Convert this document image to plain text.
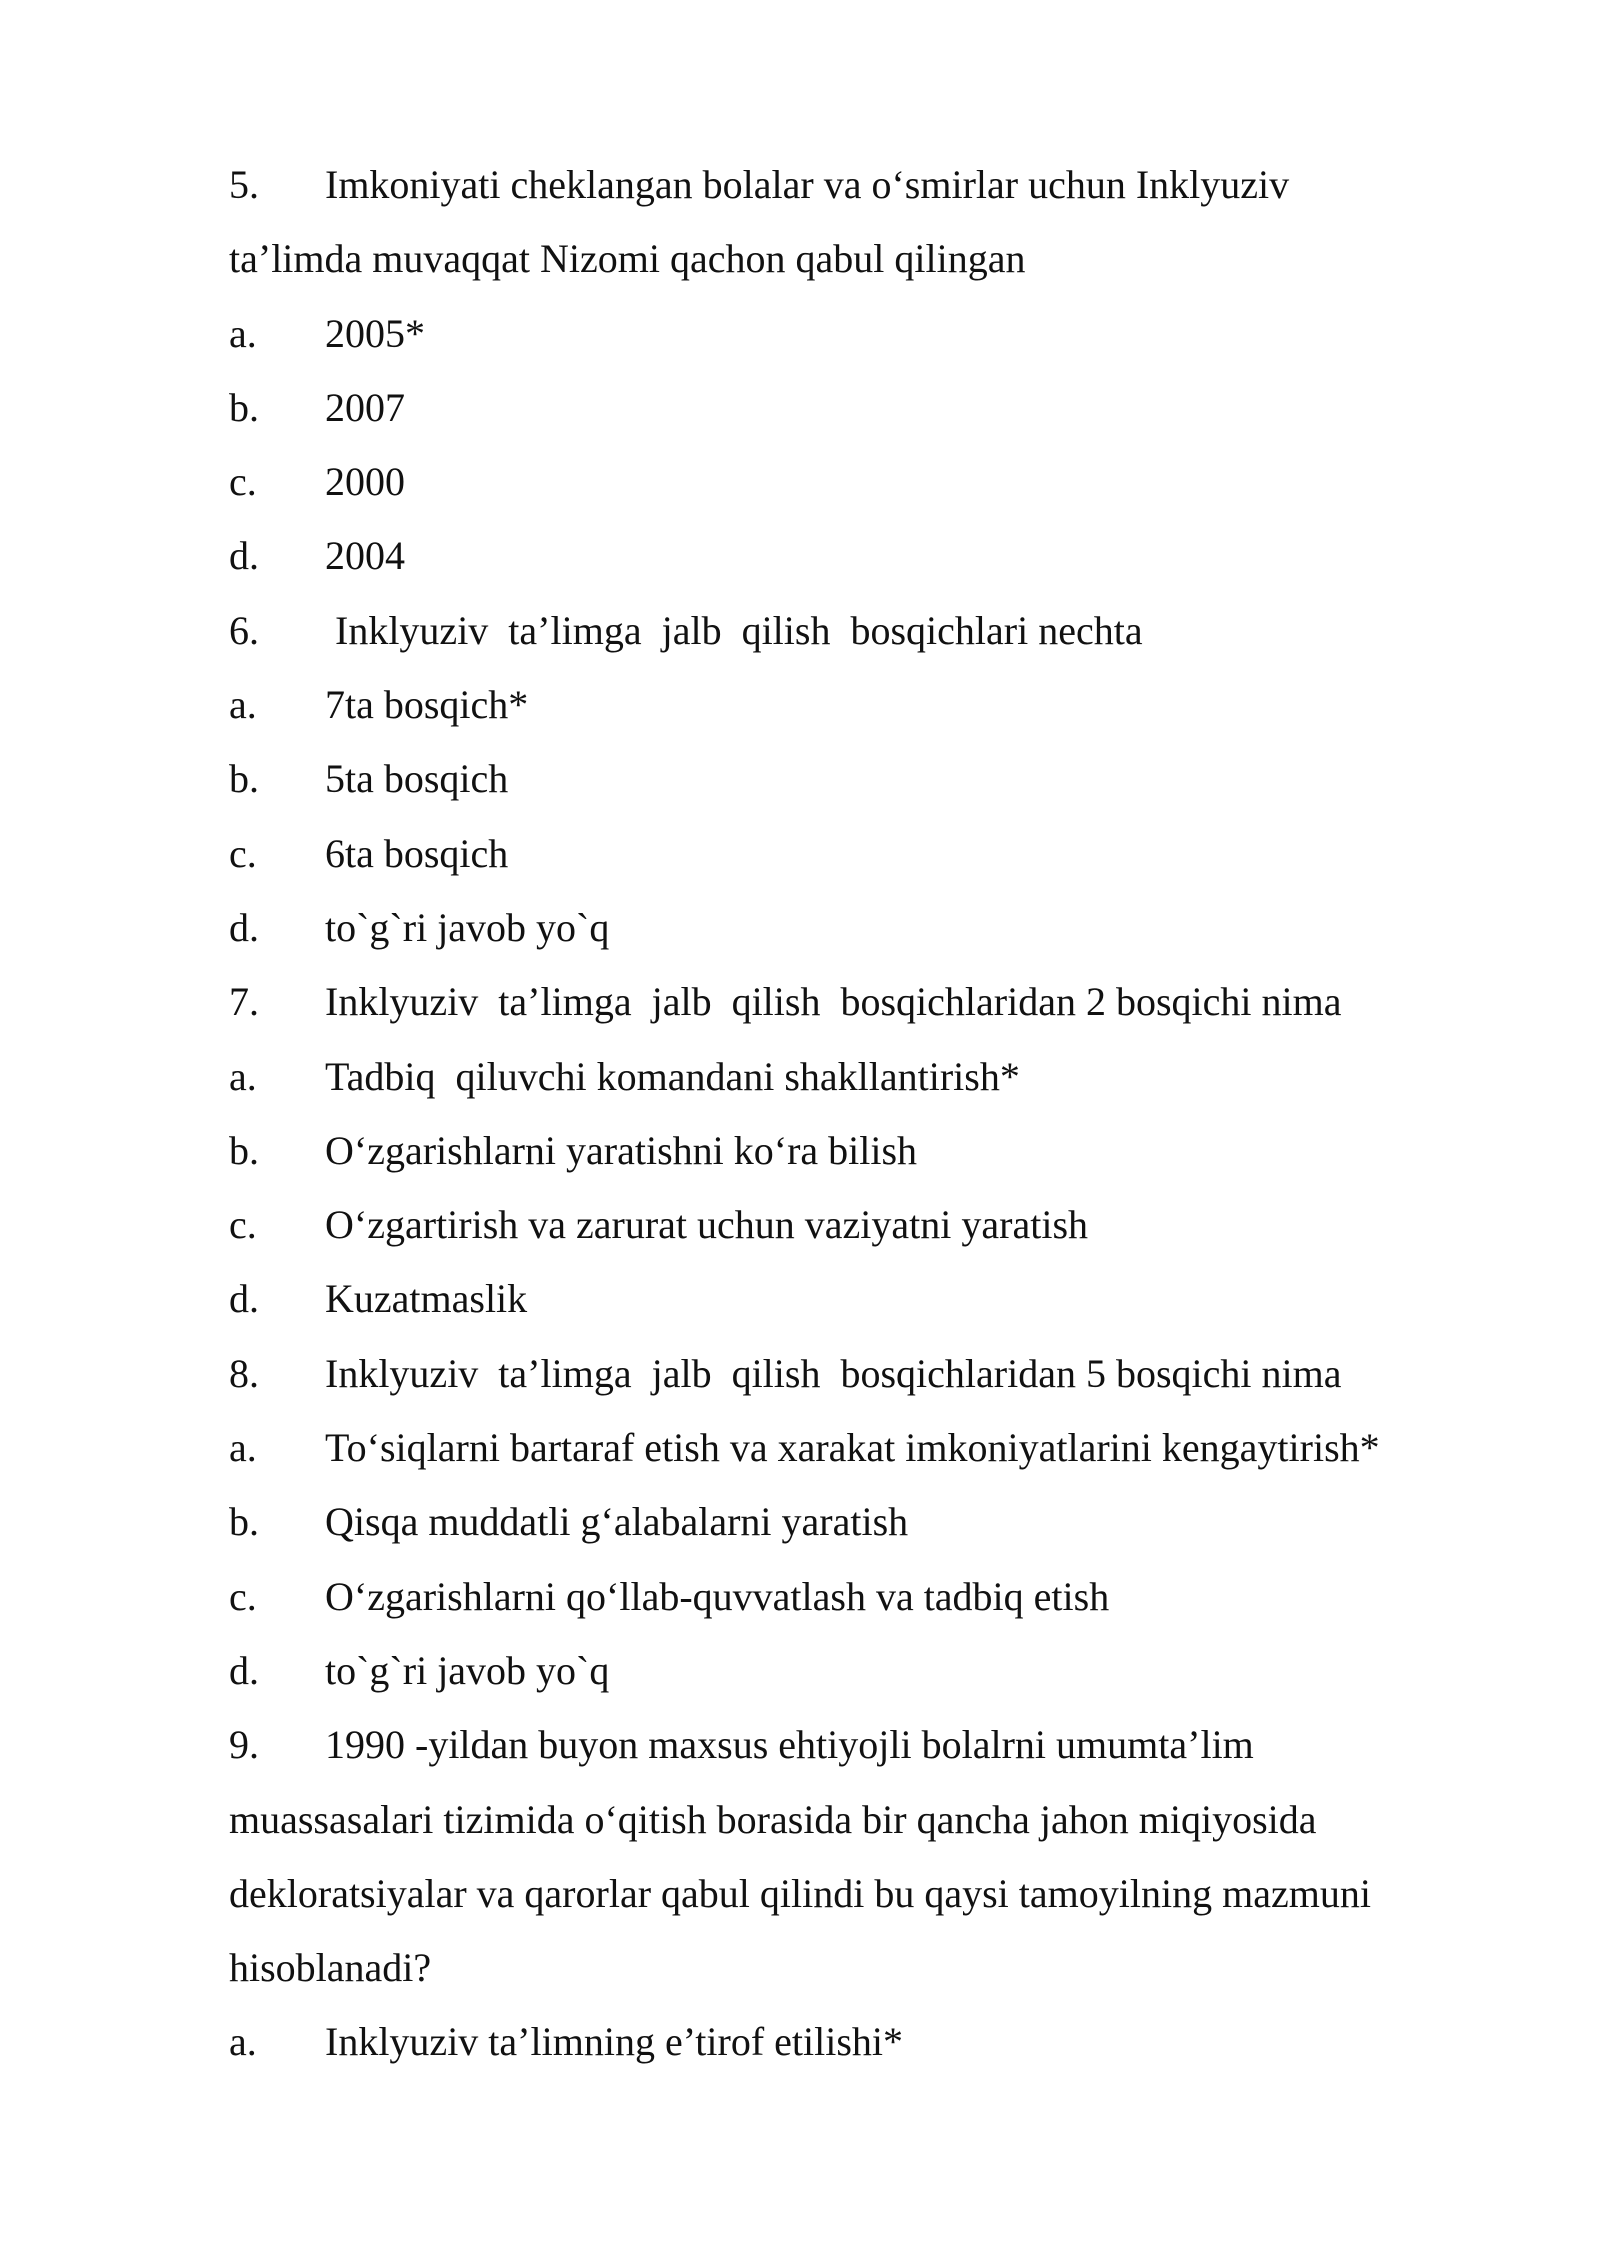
5.	Imkoniyati cheklangan bolalar va o‘smirlar uchun Inklyuziv
ta’limda muvaqqat Nizomi qachon qabul qilingan
a.	2005*
b.	2007
c.	2000
d.	2004
6.	Inklyuziv  ta’limga  jalb  qilish  bosqichlari nechta
a.	7ta bosqich*
b.	5ta bosqich
c.	6ta bosqich
d.	to`g`ri javob yo`q
7.	Inklyuziv  ta’limga  jalb  qilish  bosqichlaridan 2 bosqichi nima
a.	Tadbiq  qiluvchi komandani shakllantirish*
b.	O‘zgarishlarni yaratishni ko‘ra bilish
c.	O‘zgartirish va zarurat uchun vaziyatni yaratish
d.	Kuzatmaslik
8.	Inklyuziv  ta’limga  jalb  qilish  bosqichlaridan 5 bosqichi nima
a.	To‘siqlarni bartaraf etish va xarakat imkoniyatlarini kengaytirish*
b.	Qisqa muddatli g‘alabalarni yaratish
c.	O‘zgarishlarni qo‘llab-quvvatlash va tadbiq etish
d.	to`g`ri javob yo`q
9.	1990 -yildan buyon maxsus ehtiyojli bolalrni umumta’lim
muassasalari tizimida o‘qitish borasida bir qancha jahon miqiyosida
dekloratsiyalar va qarorlar qabul qilindi bu qaysi tamoyilning mazmuni
hisoblanadi?
a.	Inklyuziv ta’limning e’tirof etilishi*
